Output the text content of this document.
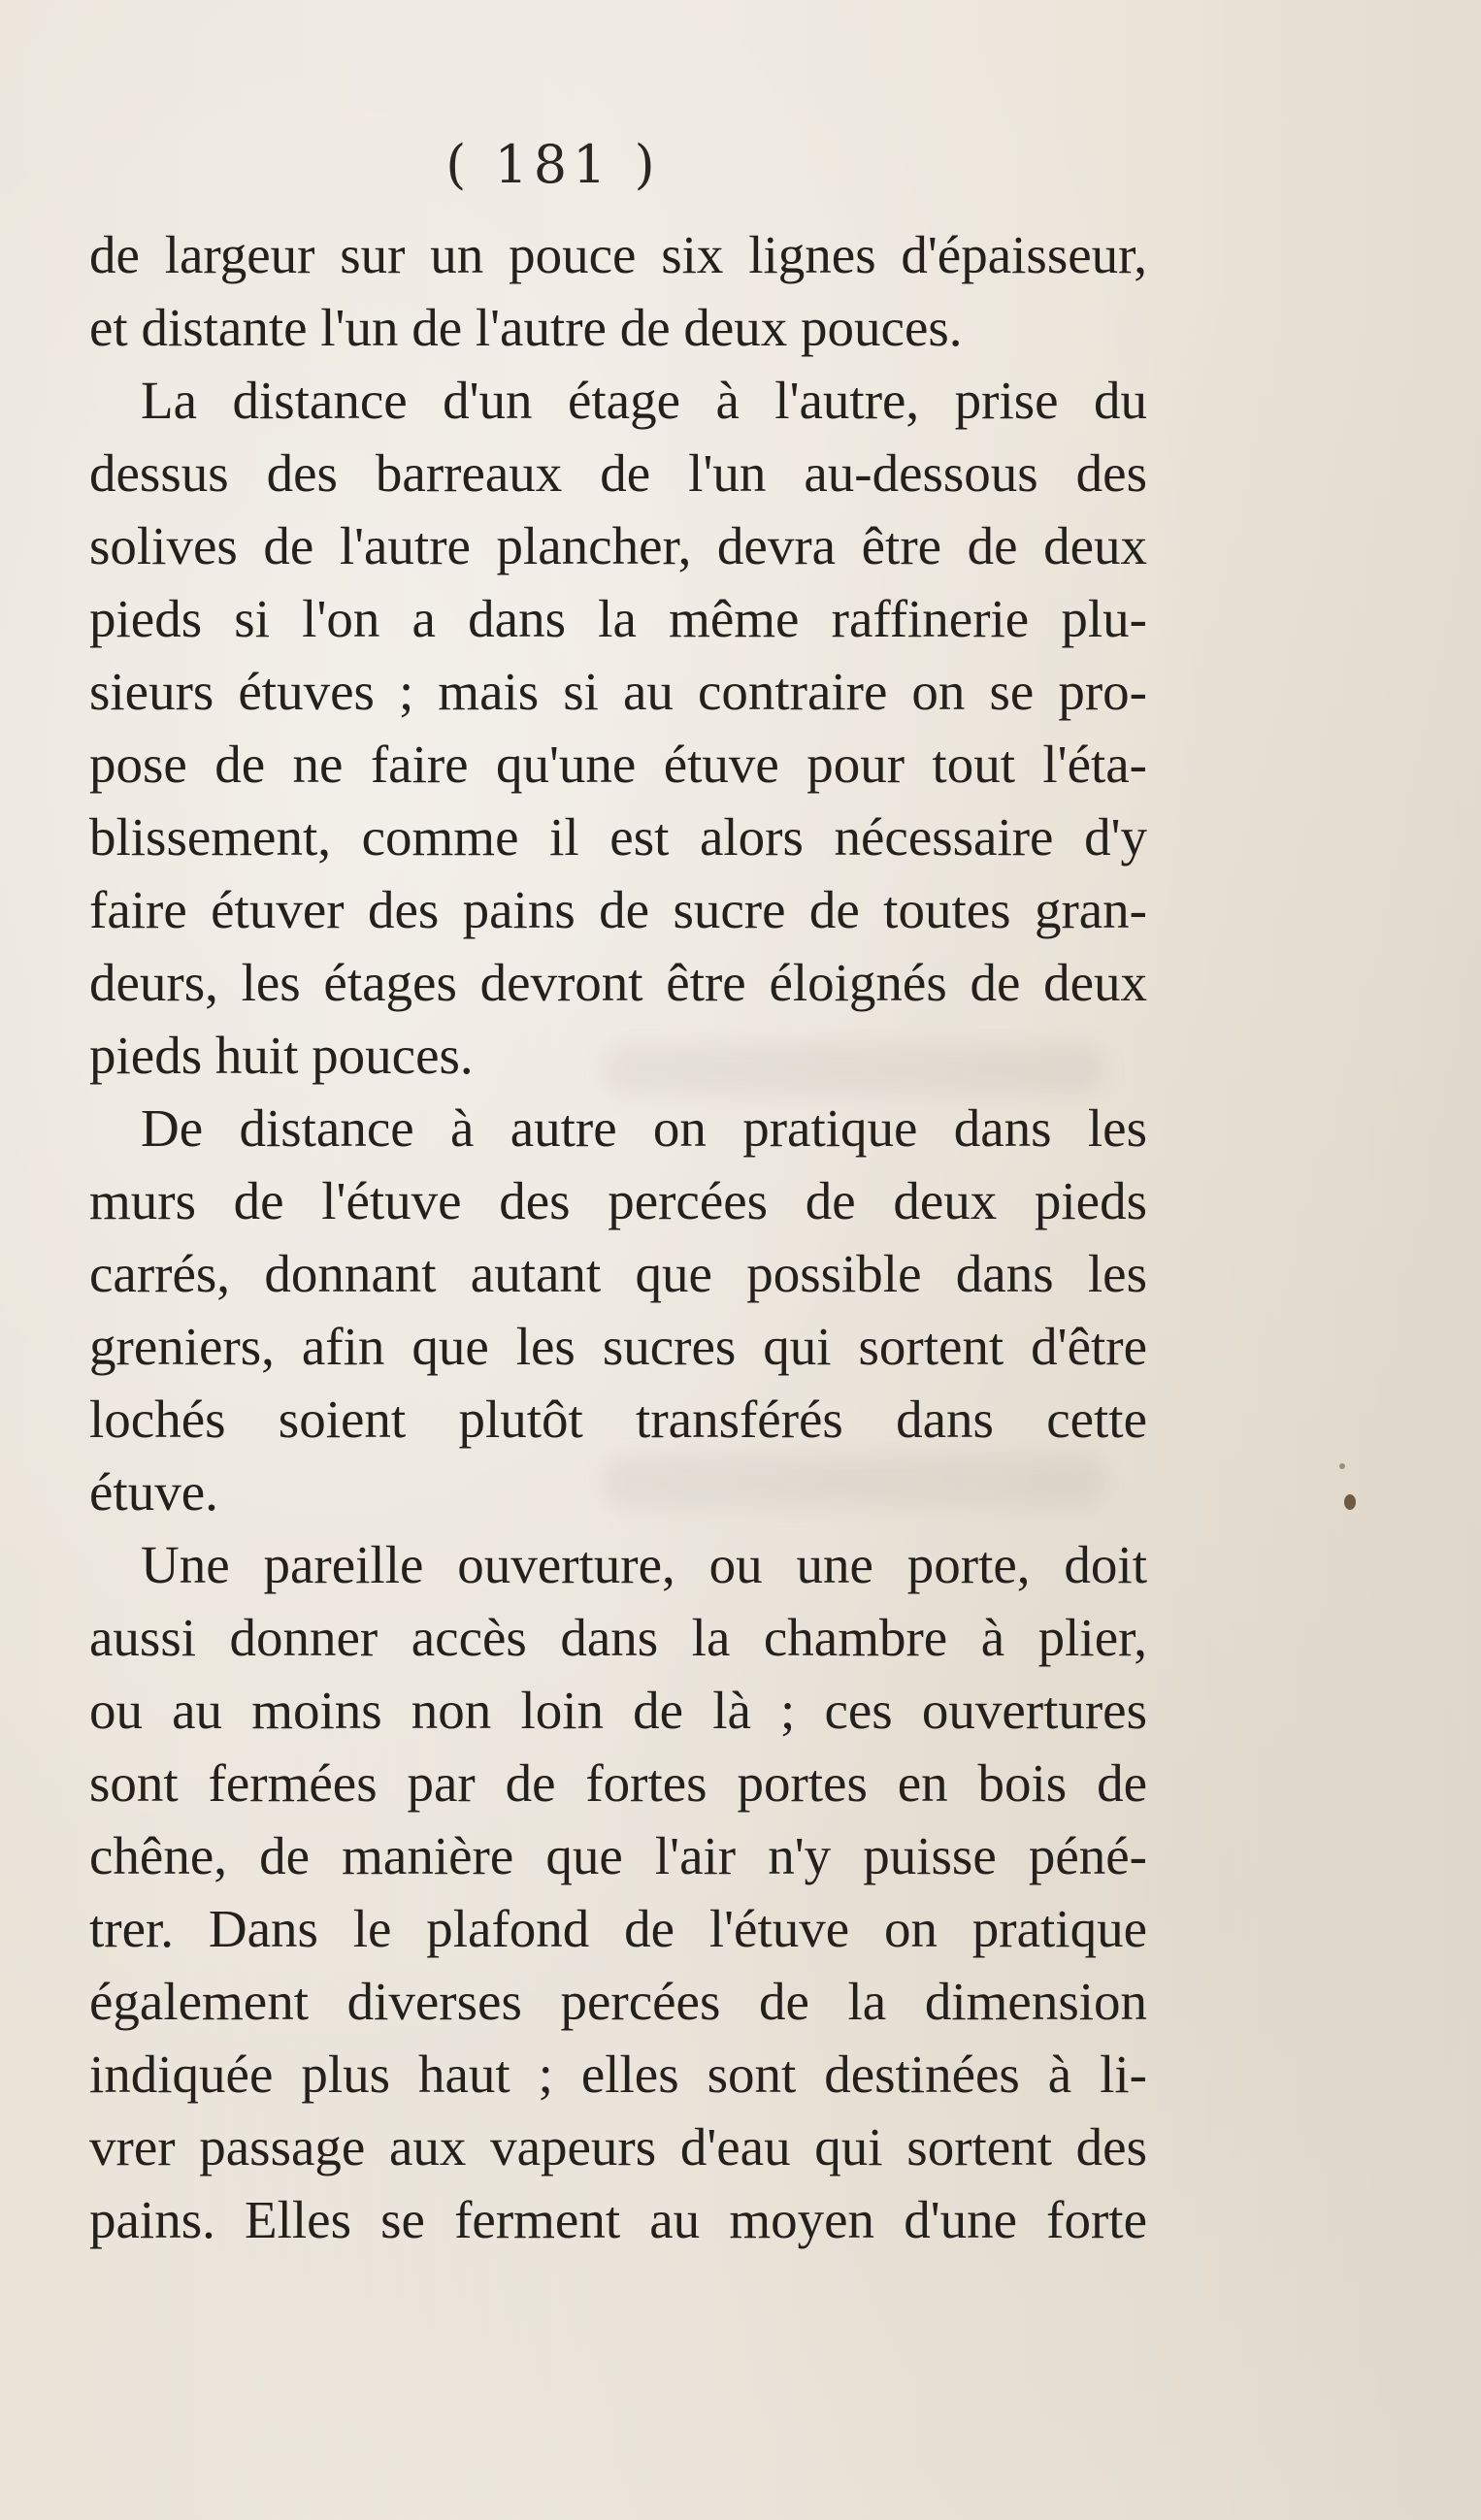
( 181 )
de largeur sur un pouce six lignes d'épaisseur,
et distante l'un de l'autre de deux pouces.
La distance d'un étage à l'autre, prise du
dessus des barreaux de l'un au-dessous des
solives de l'autre plancher, devra être de deux
pieds si l'on a dans la même raffinerie plu-
sieurs étuves ; mais si au contraire on se pro-
pose de ne faire qu'une étuve pour tout l'éta-
blissement, comme il est alors nécessaire d'y
faire étuver des pains de sucre de toutes gran-
deurs, les étages devront être éloignés de deux
pieds huit pouces.
De distance à autre on pratique dans les
murs de l'étuve des percées de deux pieds
carrés, donnant autant que possible dans les
greniers, afin que les sucres qui sortent d'être
lochés soient plutôt transférés dans cette
étuve.
Une pareille ouverture, ou une porte, doit
aussi donner accès dans la chambre à plier,
ou au moins non loin de là ; ces ouvertures
sont fermées par de fortes portes en bois de
chêne, de manière que l'air n'y puisse péné-
trer. Dans le plafond de l'étuve on pratique
également diverses percées de la dimension
indiquée plus haut ; elles sont destinées à li-
vrer passage aux vapeurs d'eau qui sortent des
pains. Elles se ferment au moyen d'une forte
